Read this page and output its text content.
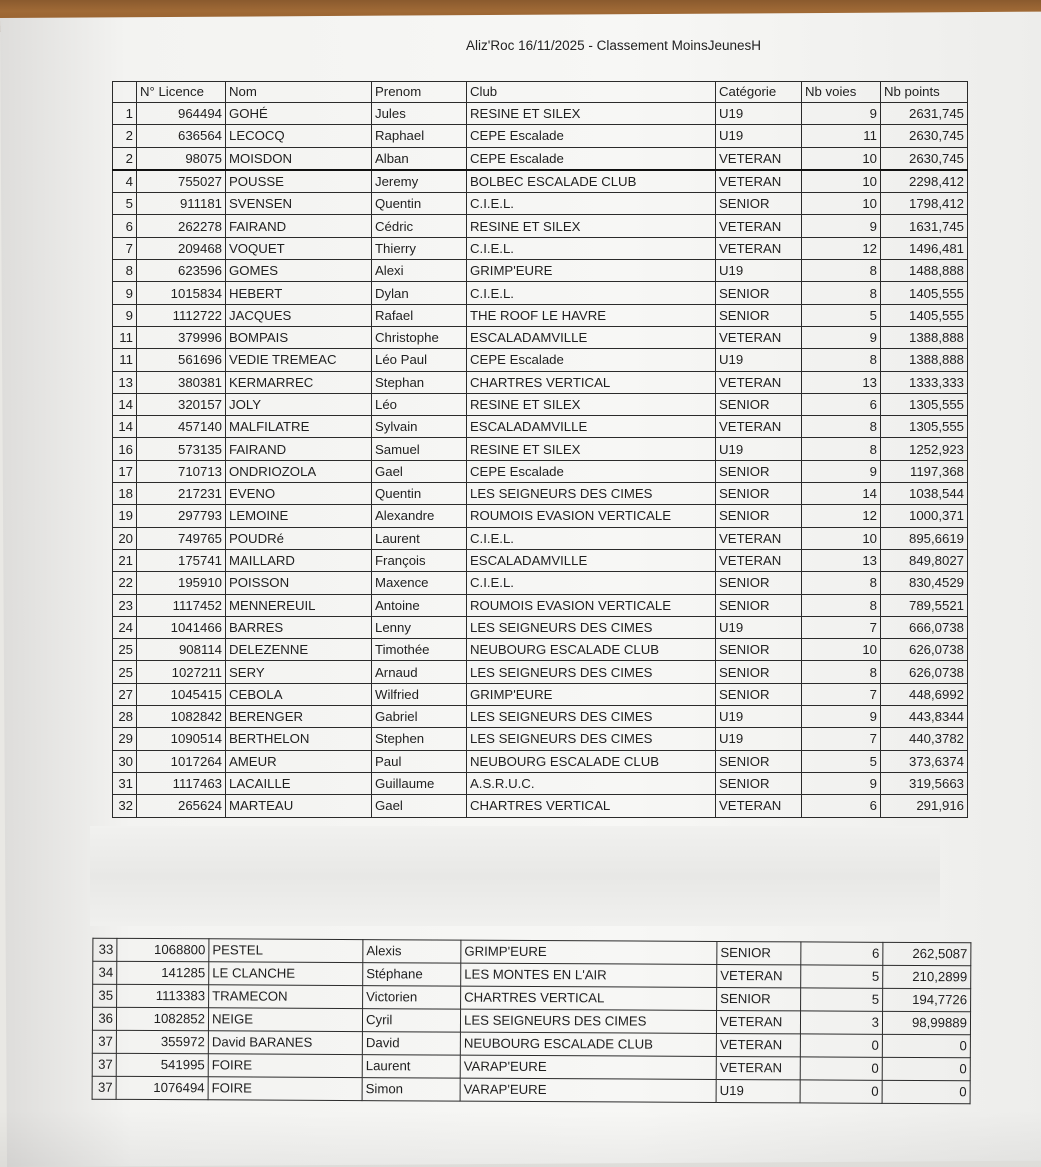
Aliz'Roc 16/11/2025 - Classement MoinsJeunesH
	N° Licence	Nom	Prenom	Club	Catégorie	Nb voies	Nb points
1	964494	GOHÉ	Jules	RESINE ET SILEX	U19	9	2631,745
2	636564	LECOCQ	Raphael	CEPE Escalade	U19	11	2630,745
2	98075	MOISDON	Alban	CEPE Escalade	VETERAN	10	2630,745
4	755027	POUSSE	Jeremy	BOLBEC ESCALADE CLUB	VETERAN	10	2298,412
5	911181	SVENSEN	Quentin	C.I.E.L.	SENIOR	10	1798,412
6	262278	FAIRAND	Cédric	RESINE ET SILEX	VETERAN	9	1631,745
7	209468	VOQUET	Thierry	C.I.E.L.	VETERAN	12	1496,481
8	623596	GOMES	Alexi	GRIMP'EURE	U19	8	1488,888
9	1015834	HEBERT	Dylan	C.I.E.L.	SENIOR	8	1405,555
9	1112722	JACQUES	Rafael	THE ROOF LE HAVRE	SENIOR	5	1405,555
11	379996	BOMPAIS	Christophe	ESCALADAMVILLE	VETERAN	9	1388,888
11	561696	VEDIE TREMEAC	Léo Paul	CEPE Escalade	U19	8	1388,888
13	380381	KERMARREC	Stephan	CHARTRES VERTICAL	VETERAN	13	1333,333
14	320157	JOLY	Léo	RESINE ET SILEX	SENIOR	6	1305,555
14	457140	MALFILATRE	Sylvain	ESCALADAMVILLE	VETERAN	8	1305,555
16	573135	FAIRAND	Samuel	RESINE ET SILEX	U19	8	1252,923
17	710713	ONDRIOZOLA	Gael	CEPE Escalade	SENIOR	9	1197,368
18	217231	EVENO	Quentin	LES SEIGNEURS DES CIMES	SENIOR	14	1038,544
19	297793	LEMOINE	Alexandre	ROUMOIS EVASION VERTICALE	SENIOR	12	1000,371
20	749765	POUDRé	Laurent	C.I.E.L.	VETERAN	10	895,6619
21	175741	MAILLARD	François	ESCALADAMVILLE	VETERAN	13	849,8027
22	195910	POISSON	Maxence	C.I.E.L.	SENIOR	8	830,4529
23	1117452	MENNEREUIL	Antoine	ROUMOIS EVASION VERTICALE	SENIOR	8	789,5521
24	1041466	BARRES	Lenny	LES SEIGNEURS DES CIMES	U19	7	666,0738
25	908114	DELEZENNE	Timothée	NEUBOURG ESCALADE CLUB	SENIOR	10	626,0738
25	1027211	SERY	Arnaud	LES SEIGNEURS DES CIMES	SENIOR	8	626,0738
27	1045415	CEBOLA	Wilfried	GRIMP'EURE	SENIOR	7	448,6992
28	1082842	BERENGER	Gabriel	LES SEIGNEURS DES CIMES	U19	9	443,8344
29	1090514	BERTHELON	Stephen	LES SEIGNEURS DES CIMES	U19	7	440,3782
30	1017264	AMEUR	Paul	NEUBOURG ESCALADE CLUB	SENIOR	5	373,6374
31	1117463	LACAILLE	Guillaume	A.S.R.U.C.	SENIOR	9	319,5663
32	265624	MARTEAU	Gael	CHARTRES VERTICAL	VETERAN	6	291,916
33	1068800	PESTEL	Alexis	GRIMP'EURE	SENIOR	6	262,5087
34	141285	LE CLANCHE	Stéphane	LES MONTES EN L'AIR	VETERAN	5	210,2899
35	1113383	TRAMECON	Victorien	CHARTRES VERTICAL	SENIOR	5	194,7726
36	1082852	NEIGE	Cyril	LES SEIGNEURS DES CIMES	VETERAN	3	98,99889
37	355972	David BARANES	David	NEUBOURG ESCALADE CLUB	VETERAN	0	0
37	541995	FOIRE	Laurent	VARAP'EURE	VETERAN	0	0
37	1076494	FOIRE	Simon	VARAP'EURE	U19	0	0
